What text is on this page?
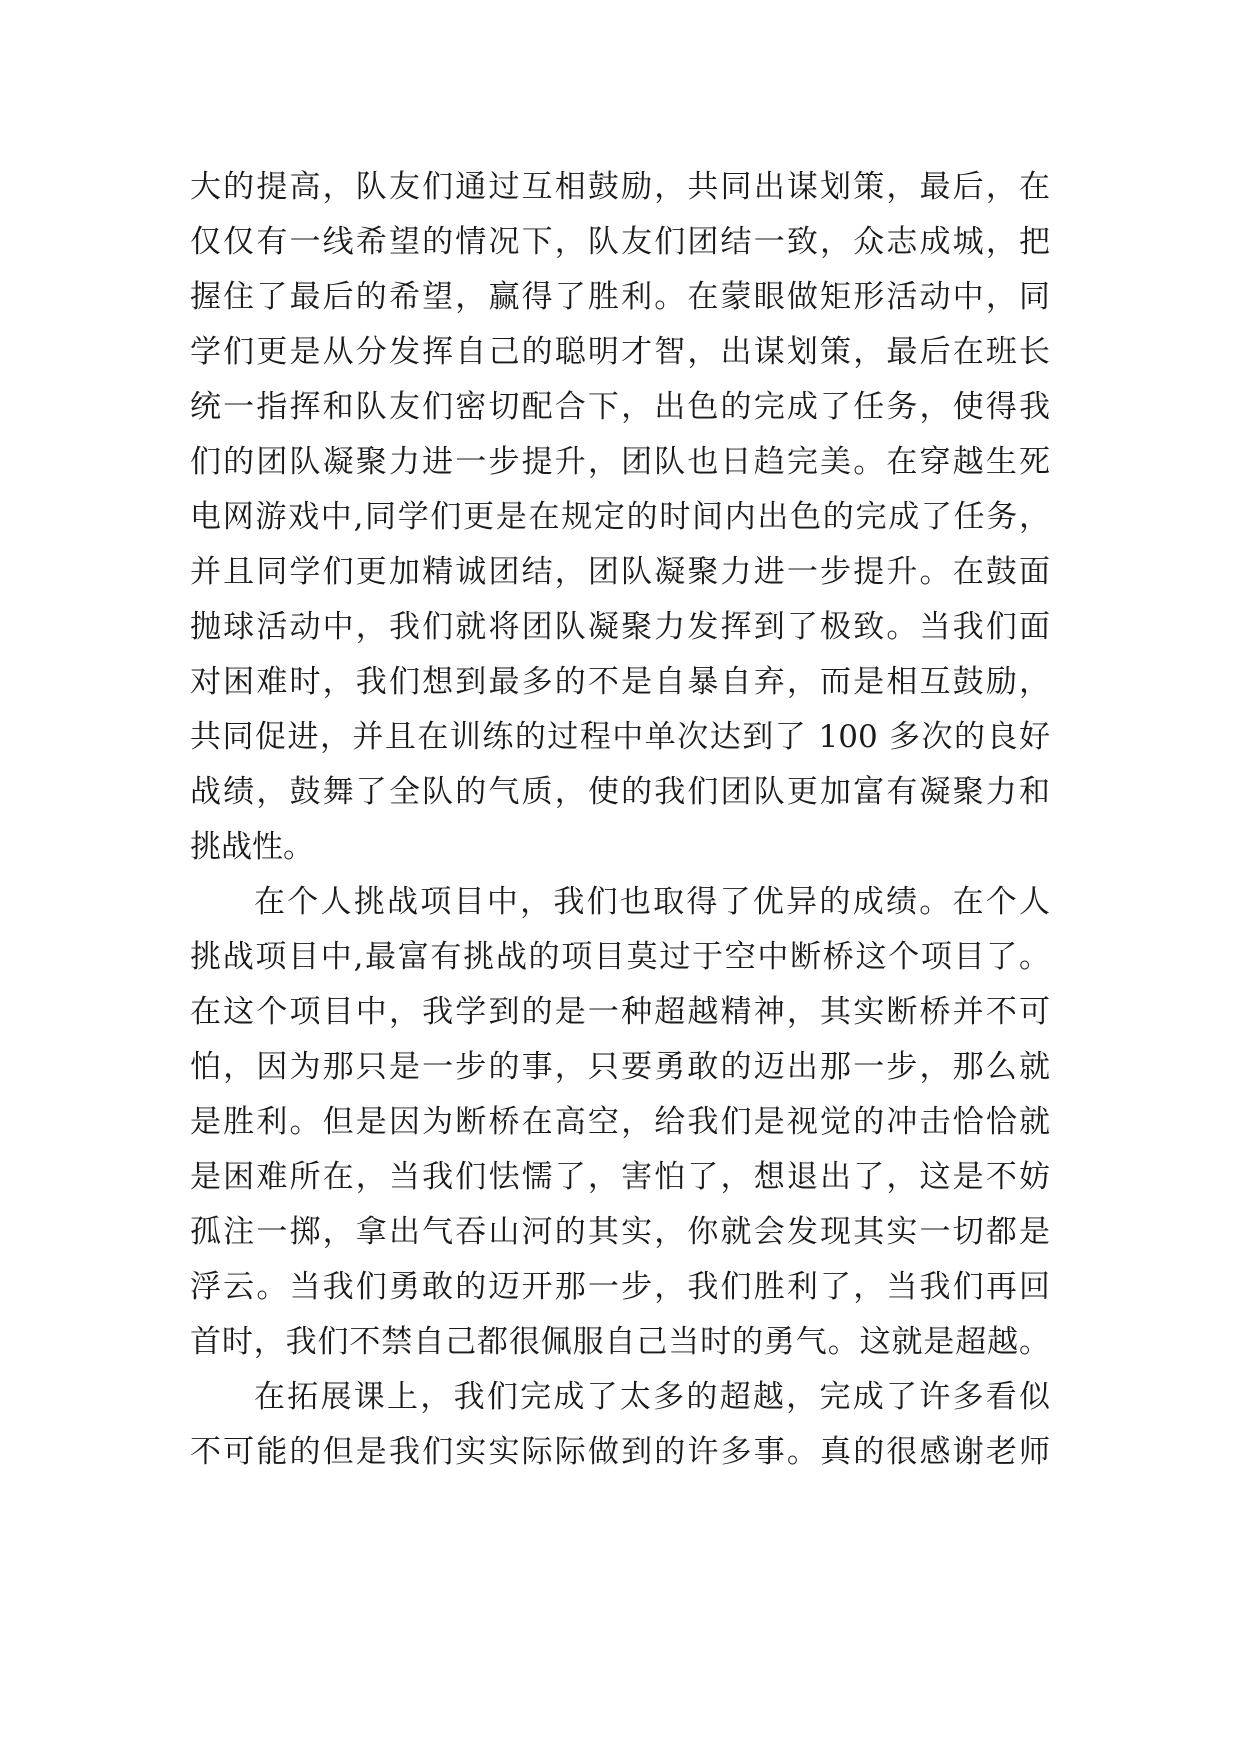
大的提高，队友们通过互相鼓励，共同出谋划策，最后，在
仅仅有一线希望的情况下，队友们团结一致，众志成城，把
握住了最后的希望，赢得了胜利。在蒙眼做矩形活动中，同
学们更是从分发挥自己的聪明才智，出谋划策，最后在班长
统一指挥和队友们密切配合下，出色的完成了任务，使得我
们的团队凝聚力进一步提升，团队也日趋完美。在穿越生死
电网游戏中,同学们更是在规定的时间内出色的完成了任务，
并且同学们更加精诚团结，团队凝聚力进一步提升。在鼓面
抛球活动中，我们就将团队凝聚力发挥到了极致。当我们面
对困难时，我们想到最多的不是自暴自弃，而是相互鼓励，
共同促进，并且在训练的过程中单次达到了 100 多次的良好
战绩，鼓舞了全队的气质，使的我们团队更加富有凝聚力和
挑战性。
在个人挑战项目中，我们也取得了优异的成绩。在个人
挑战项目中,最富有挑战的项目莫过于空中断桥这个项目了。
在这个项目中，我学到的是一种超越精神，其实断桥并不可
怕，因为那只是一步的事，只要勇敢的迈出那一步，那么就
是胜利。但是因为断桥在高空，给我们是视觉的冲击恰恰就
是困难所在，当我们怯懦了，害怕了，想退出了，这是不妨
孤注一掷，拿出气吞山河的其实，你就会发现其实一切都是
浮云。当我们勇敢的迈开那一步，我们胜利了，当我们再回
首时，我们不禁自己都很佩服自己当时的勇气。这就是超越。
在拓展课上，我们完成了太多的超越，完成了许多看似
不可能的但是我们实实际际做到的许多事。真的很感谢老师
